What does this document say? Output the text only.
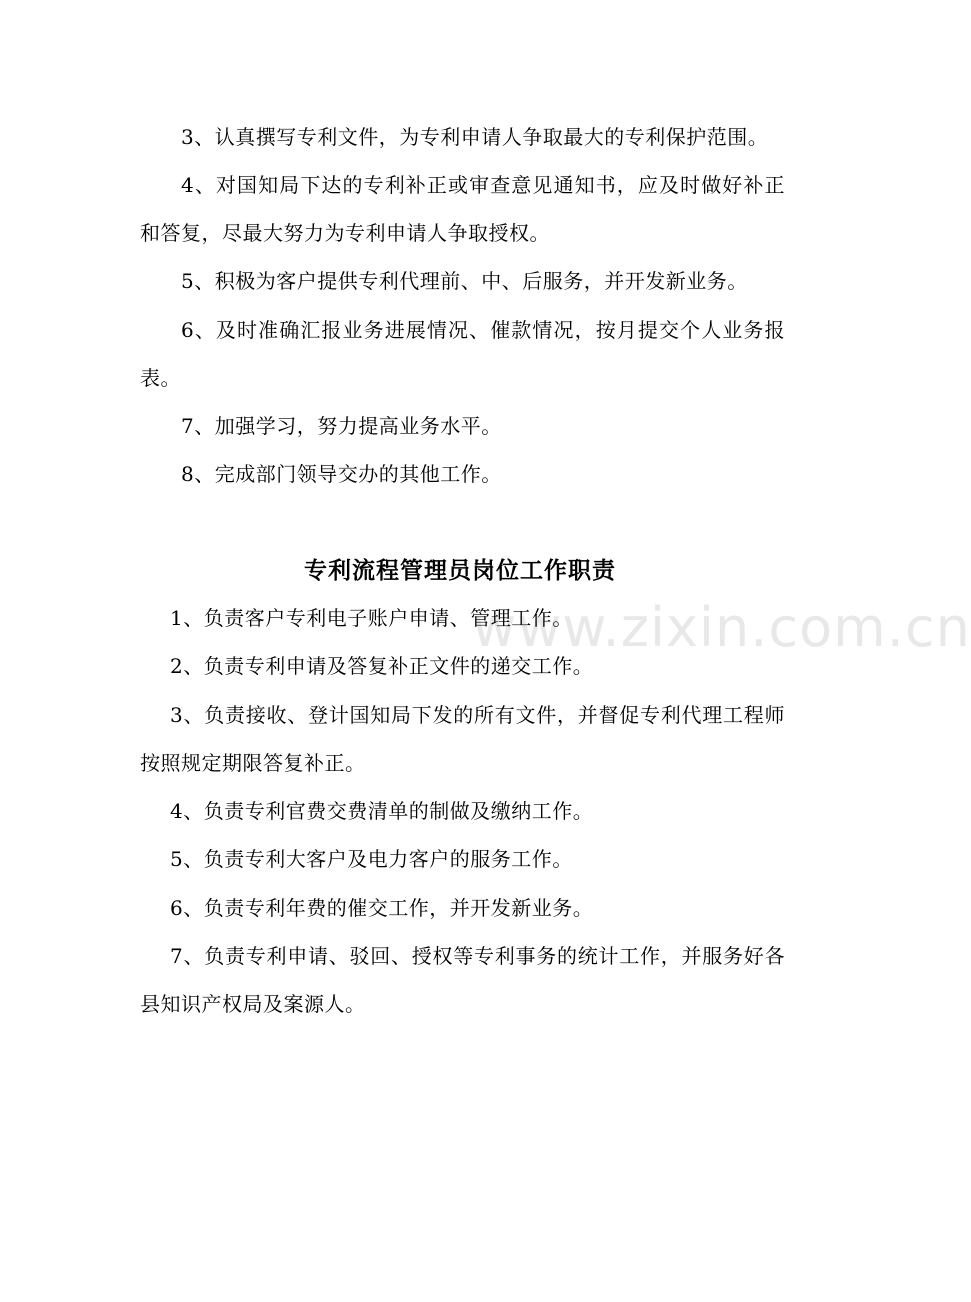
3、认真撰写专利文件，为专利申请人争取最大的专利保护范围。

4、对国知局下达的专利补正或审查意见通知书，应及时做好补正和答复，尽最大努力为专利申请人争取授权。

5、积极为客户提供专利代理前、中、后服务，并开发新业务。

6、及时准确汇报业务进展情况、催款情况，按月提交个人业务报表。

7、加强学习，努力提高业务水平。

8、完成部门领导交办的其他工作。

专利流程管理员岗位工作职责

1、负责客户专利电子账户申请、管理工作。

2、负责专利申请及答复补正文件的递交工作。

3、负责接收、登计国知局下发的所有文件，并督促专利代理工程师按照规定期限答复补正。

4、负责专利官费交费清单的制做及缴纳工作。

5、负责专利大客户及电力客户的服务工作。

6、负责专利年费的催交工作，并开发新业务。

7、负责专利申请、驳回、授权等专利事务的统计工作，并服务好各县知识产权局及案源人。

www.zixin.com.cn
